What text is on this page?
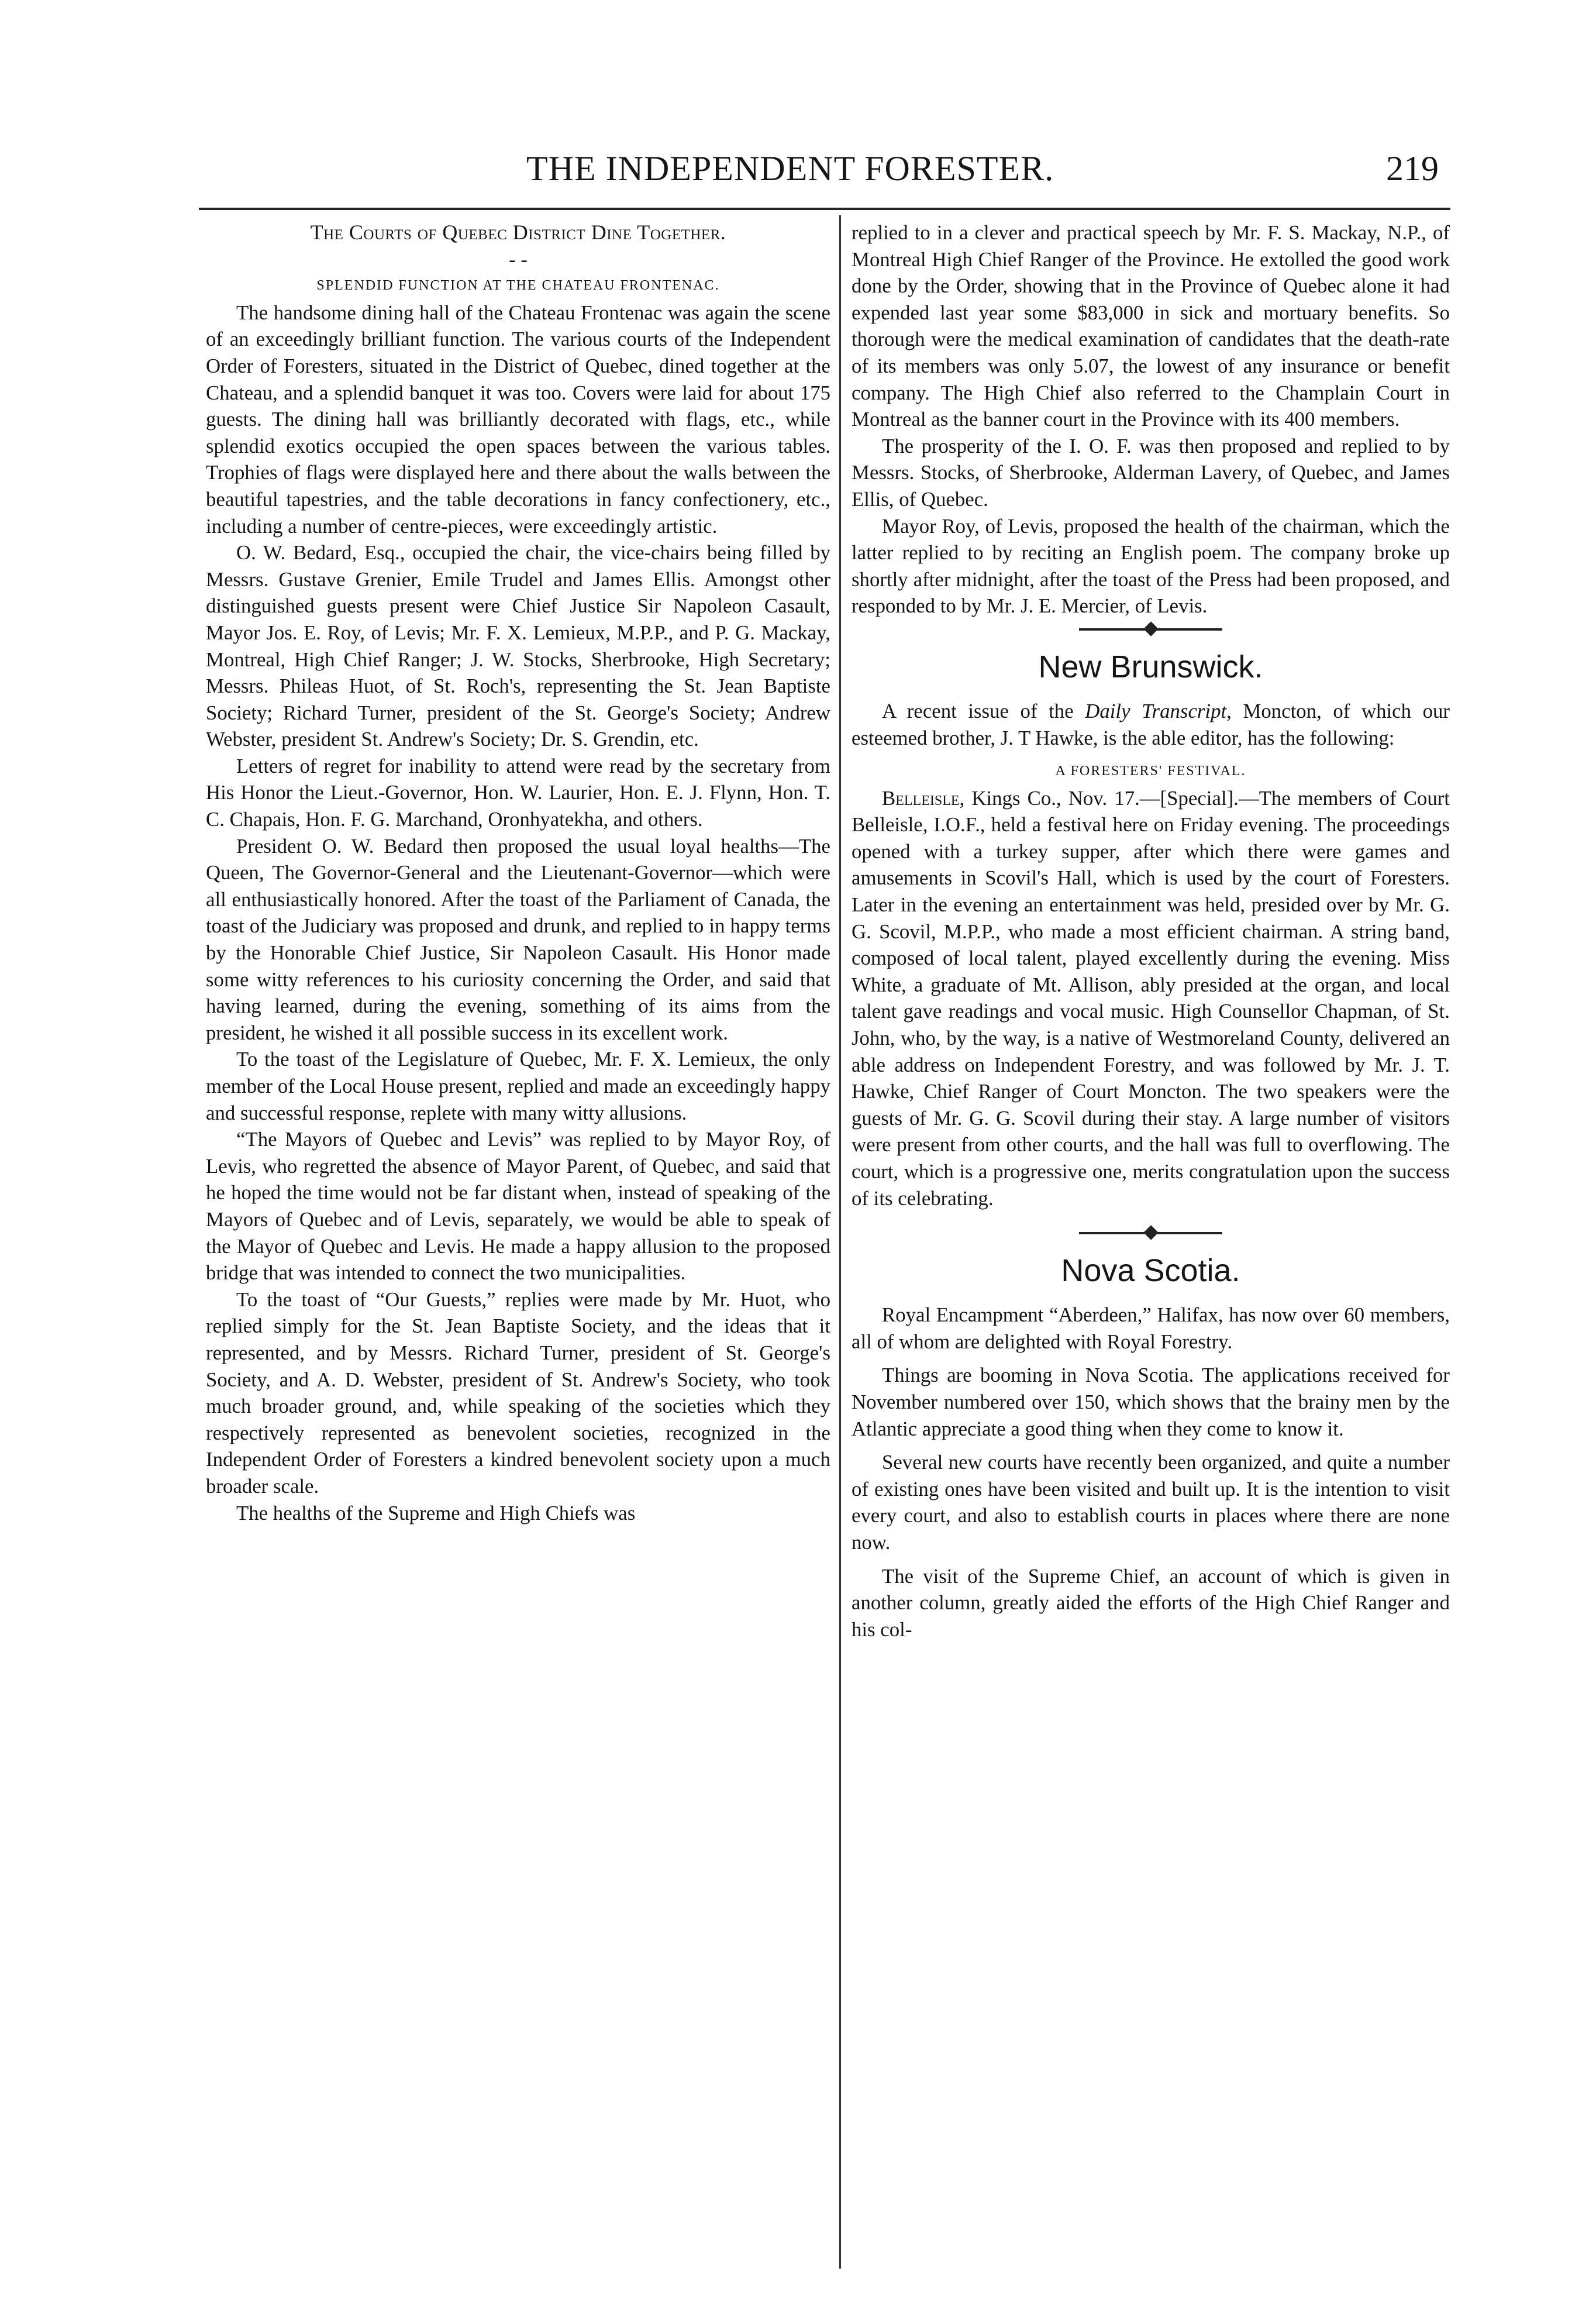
THE INDEPENDENT FORESTER.	219

The Courts of Quebec District Dine Together.

- -

SPLENDID FUNCTION AT THE CHATEAU FRONTENAC.

The handsome dining hall of the Chateau Frontenac was again the scene of an exceedingly brilliant function. The various courts of the Independent Order of Foresters, situated in the District of Quebec, dined together at the Chateau, and a splendid banquet it was too. Covers were laid for about 175 guests. The dining hall was brilliantly decorated with flags, etc., while splendid exotics occupied the open spaces between the various tables. Trophies of flags were displayed here and there about the walls between the beautiful tapestries, and the table decorations in fancy confectionery, etc., including a number of centre-pieces, were exceedingly artistic.

O. W. Bedard, Esq., occupied the chair, the vice-chairs being filled by Messrs. Gustave Grenier, Emile Trudel and James Ellis. Amongst other distinguished guests present were Chief Justice Sir Napoleon Casault, Mayor Jos. E. Roy, of Levis; Mr. F. X. Lemieux, M.P.P., and P. G. Mackay, Montreal, High Chief Ranger; J. W. Stocks, Sherbrooke, High Secretary; Messrs. Phileas Huot, of St. Roch's, representing the St. Jean Baptiste Society; Richard Turner, president of the St. George's Society; Andrew Webster, president St. Andrew's Society; Dr. S. Grendin, etc.

Letters of regret for inability to attend were read by the secretary from His Honor the Lieut.-Governor, Hon. W. Laurier, Hon. E. J. Flynn, Hon. T. C. Chapais, Hon. F. G. Marchand, Oronhyatekha, and others.

President O. W. Bedard then proposed the usual loyal healths—The Queen, The Governor-General and the Lieutenant-Governor—which were all enthusiastically honored. After the toast of the Parliament of Canada, the toast of the Judiciary was proposed and drunk, and replied to in happy terms by the Honorable Chief Justice, Sir Napoleon Casault. His Honor made some witty references to his curiosity concerning the Order, and said that having learned, during the evening, something of its aims from the president, he wished it all possible success in its excellent work.

To the toast of the Legislature of Quebec, Mr. F. X. Lemieux, the only member of the Local House present, replied and made an exceedingly happy and successful response, replete with many witty allusions.

“The Mayors of Quebec and Levis” was replied to by Mayor Roy, of Levis, who regretted the absence of Mayor Parent, of Quebec, and said that he hoped the time would not be far distant when, instead of speaking of the Mayors of Quebec and of Levis, separately, we would be able to speak of the Mayor of Quebec and Levis. He made a happy allusion to the proposed bridge that was intended to connect the two municipalities.

To the toast of “Our Guests,” replies were made by Mr. Huot, who replied simply for the St. Jean Baptiste Society, and the ideas that it represented, and by Messrs. Richard Turner, president of St. George's Society, and A. D. Webster, president of St. Andrew's Society, who took much broader ground, and, while speaking of the societies which they respectively represented as benevolent societies, recognized in the Independent Order of Foresters a kindred benevolent society upon a much broader scale.

The healths of the Supreme and High Chiefs was

replied to in a clever and practical speech by Mr. F. S. Mackay, N.P., of Montreal High Chief Ranger of the Province. He extolled the good work done by the Order, showing that in the Province of Quebec alone it had expended last year some $83,000 in sick and mortuary benefits. So thorough were the medical examination of candidates that the death-rate of its members was only 5.07, the lowest of any insurance or benefit company. The High Chief also referred to the Champlain Court in Montreal as the banner court in the Province with its 400 members.

The prosperity of the I. O. F. was then proposed and replied to by Messrs. Stocks, of Sherbrooke, Alderman Lavery, of Quebec, and James Ellis, of Quebec.

Mayor Roy, of Levis, proposed the health of the chairman, which the latter replied to by reciting an English poem. The company broke up shortly after midnight, after the toast of the Press had been proposed, and responded to by Mr. J. E. Mercier, of Levis.

New Brunswick.

A recent issue of the Daily Transcript, Moncton, of which our esteemed brother, J. T Hawke, is the able editor, has the following:

A FORESTERS' FESTIVAL.

Belleisle, Kings Co., Nov. 17.—[Special].—The members of Court Belleisle, I.O.F., held a festival here on Friday evening. The proceedings opened with a turkey supper, after which there were games and amusements in Scovil's Hall, which is used by the court of Foresters. Later in the evening an entertainment was held, presided over by Mr. G. G. Scovil, M.P.P., who made a most efficient chairman. A string band, composed of local talent, played excellently during the evening. Miss White, a graduate of Mt. Allison, ably presided at the organ, and local talent gave readings and vocal music. High Counsellor Chapman, of St. John, who, by the way, is a native of Westmoreland County, delivered an able address on Independent Forestry, and was followed by Mr. J. T. Hawke, Chief Ranger of Court Moncton. The two speakers were the guests of Mr. G. G. Scovil during their stay. A large number of visitors were present from other courts, and the hall was full to overflowing. The court, which is a progressive one, merits congratulation upon the success of its celebrating.

Nova Scotia.

Royal Encampment “Aberdeen,” Halifax, has now over 60 members, all of whom are delighted with Royal Forestry.

Things are booming in Nova Scotia. The applications received for November numbered over 150, which shows that the brainy men by the Atlantic appreciate a good thing when they come to know it.

Several new courts have recently been organized, and quite a number of existing ones have been visited and built up. It is the intention to visit every court, and also to establish courts in places where there are none now.

The visit of the Supreme Chief, an account of which is given in another column, greatly aided the efforts of the High Chief Ranger and his col-
